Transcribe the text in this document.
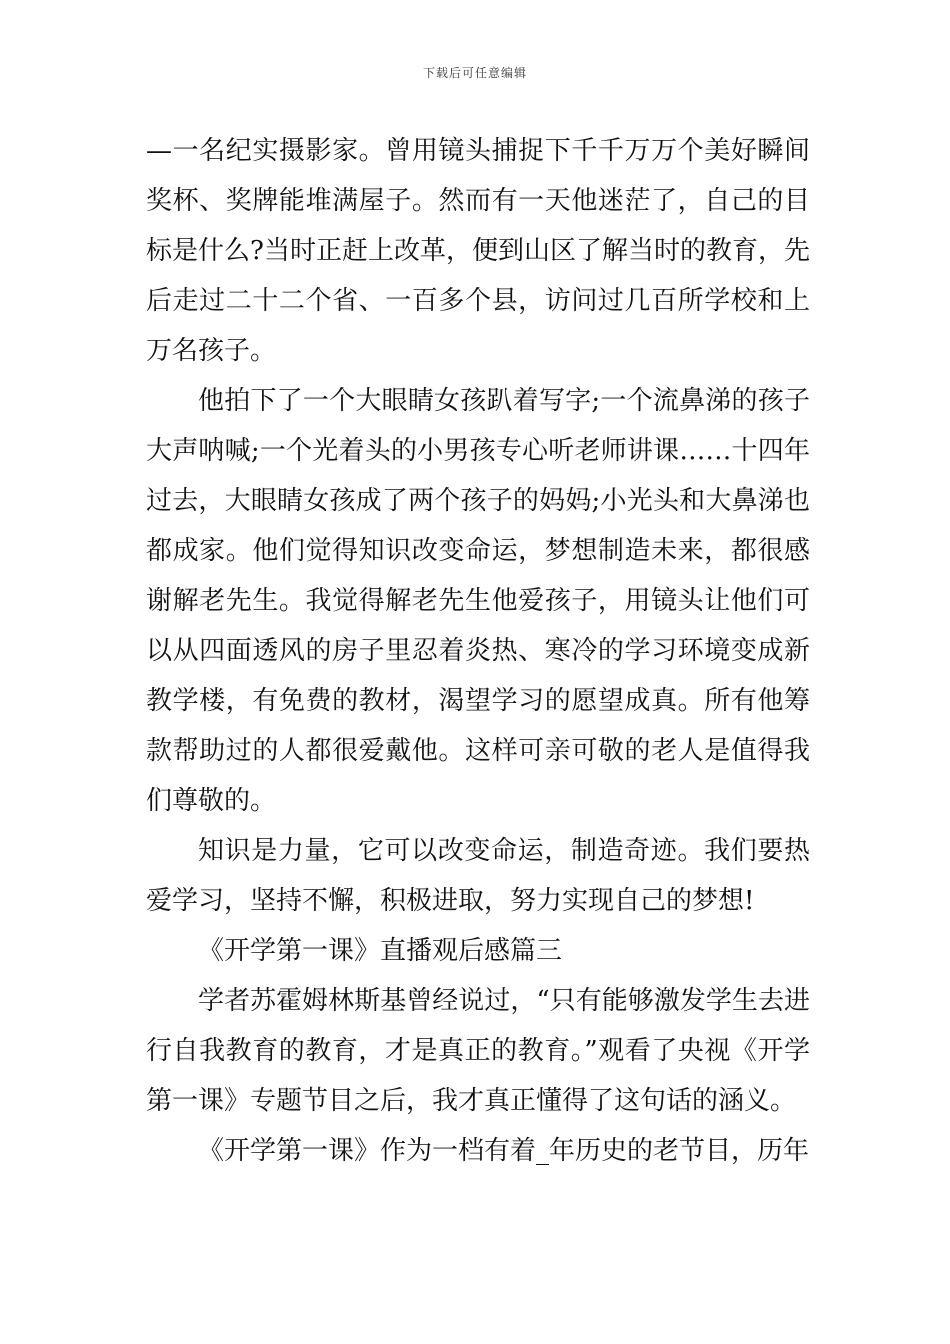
下载后可任意编辑

—一名纪实摄影家。曾用镜头捕捉下千千万万个美好瞬间奖杯、奖牌能堆满屋子。然而有一天他迷茫了，自己的目标是什么?当时正赶上改革，便到山区了解当时的教育，先后走过二十二个省、一百多个县，访问过几百所学校和上万名孩子。

他拍下了一个大眼睛女孩趴着写字;一个流鼻涕的孩子大声呐喊;一个光着头的小男孩专心听老师讲课……十四年过去，大眼睛女孩成了两个孩子的妈妈;小光头和大鼻涕也都成家。他们觉得知识改变命运，梦想制造未来，都很感谢解老先生。我觉得解老先生他爱孩子，用镜头让他们可以从四面透风的房子里忍着炎热、寒冷的学习环境变成新教学楼，有免费的教材，渴望学习的愿望成真。所有他筹款帮助过的人都很爱戴他。这样可亲可敬的老人是值得我们尊敬的。

知识是力量，它可以改变命运，制造奇迹。我们要热爱学习，坚持不懈，积极进取，努力实现自己的梦想!

《开学第一课》直播观后感篇三

学者苏霍姆林斯基曾经说过，“只有能够激发学生去进行自我教育的教育，才是真正的教育。”观看了央视《开学第一课》专题节目之后，我才真正懂得了这句话的涵义。

《开学第一课》作为一档有着_年历史的老节目，历年
